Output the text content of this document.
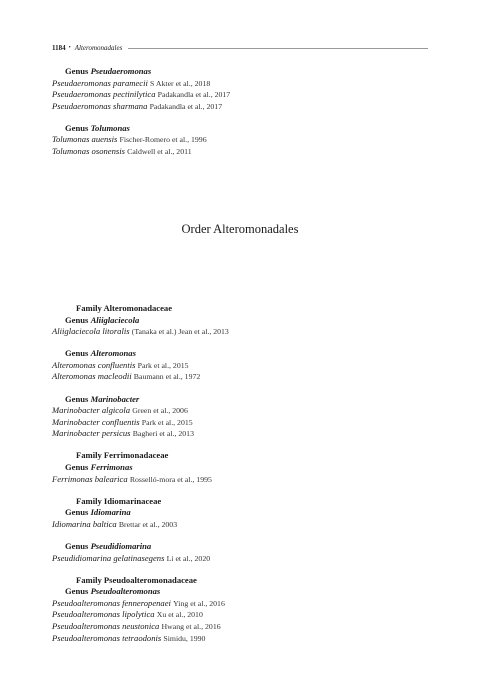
1184 • Alteromonadales
Genus Pseudaeromonas
Pseudaeromonas paramecii S Akter et al., 2018
Pseudaeromonas pectinilytica Padakandla et al., 2017
Pseudaeromonas sharmana Padakandla et al., 2017
Genus Tolumonas
Tolumonas auensis Fischer-Romero et al., 1996
Tolumonas osonensis Caldwell et al., 2011
Order Alteromonadales
Family Alteromonadaceae
Genus Aliiglaciecola
Aliiglaciecola litoralis (Tanaka et al.) Jean et al., 2013
Genus Alteromonas
Alteromonas confluentis Park et al., 2015
Alteromonas macleodii Baumann et al., 1972
Genus Marinobacter
Marinobacter algicola Green et al., 2006
Marinobacter confluentis Park et al., 2015
Marinobacter persicus Bagheri et al., 2013
Family Ferrimonadaceae
Genus Ferrimonas
Ferrimonas balearica Rosselló-mora et al., 1995
Family Idiomarinaceae
Genus Idiomarina
Idiomarina baltica Brettar et al., 2003
Genus Pseudidiomarina
Pseudidiomarina gelatinasegens Li et al., 2020
Family Pseudoalteromonadaceae
Genus Pseudoalteromonas
Pseudoalteromonas fenneropenaei Ying et al., 2016
Pseudoalteromonas lipolytica Xu et al., 2010
Pseudoalteromonas neustonica Hwang et al., 2016
Pseudoalteromonas tetraodonis Simidu, 1990
